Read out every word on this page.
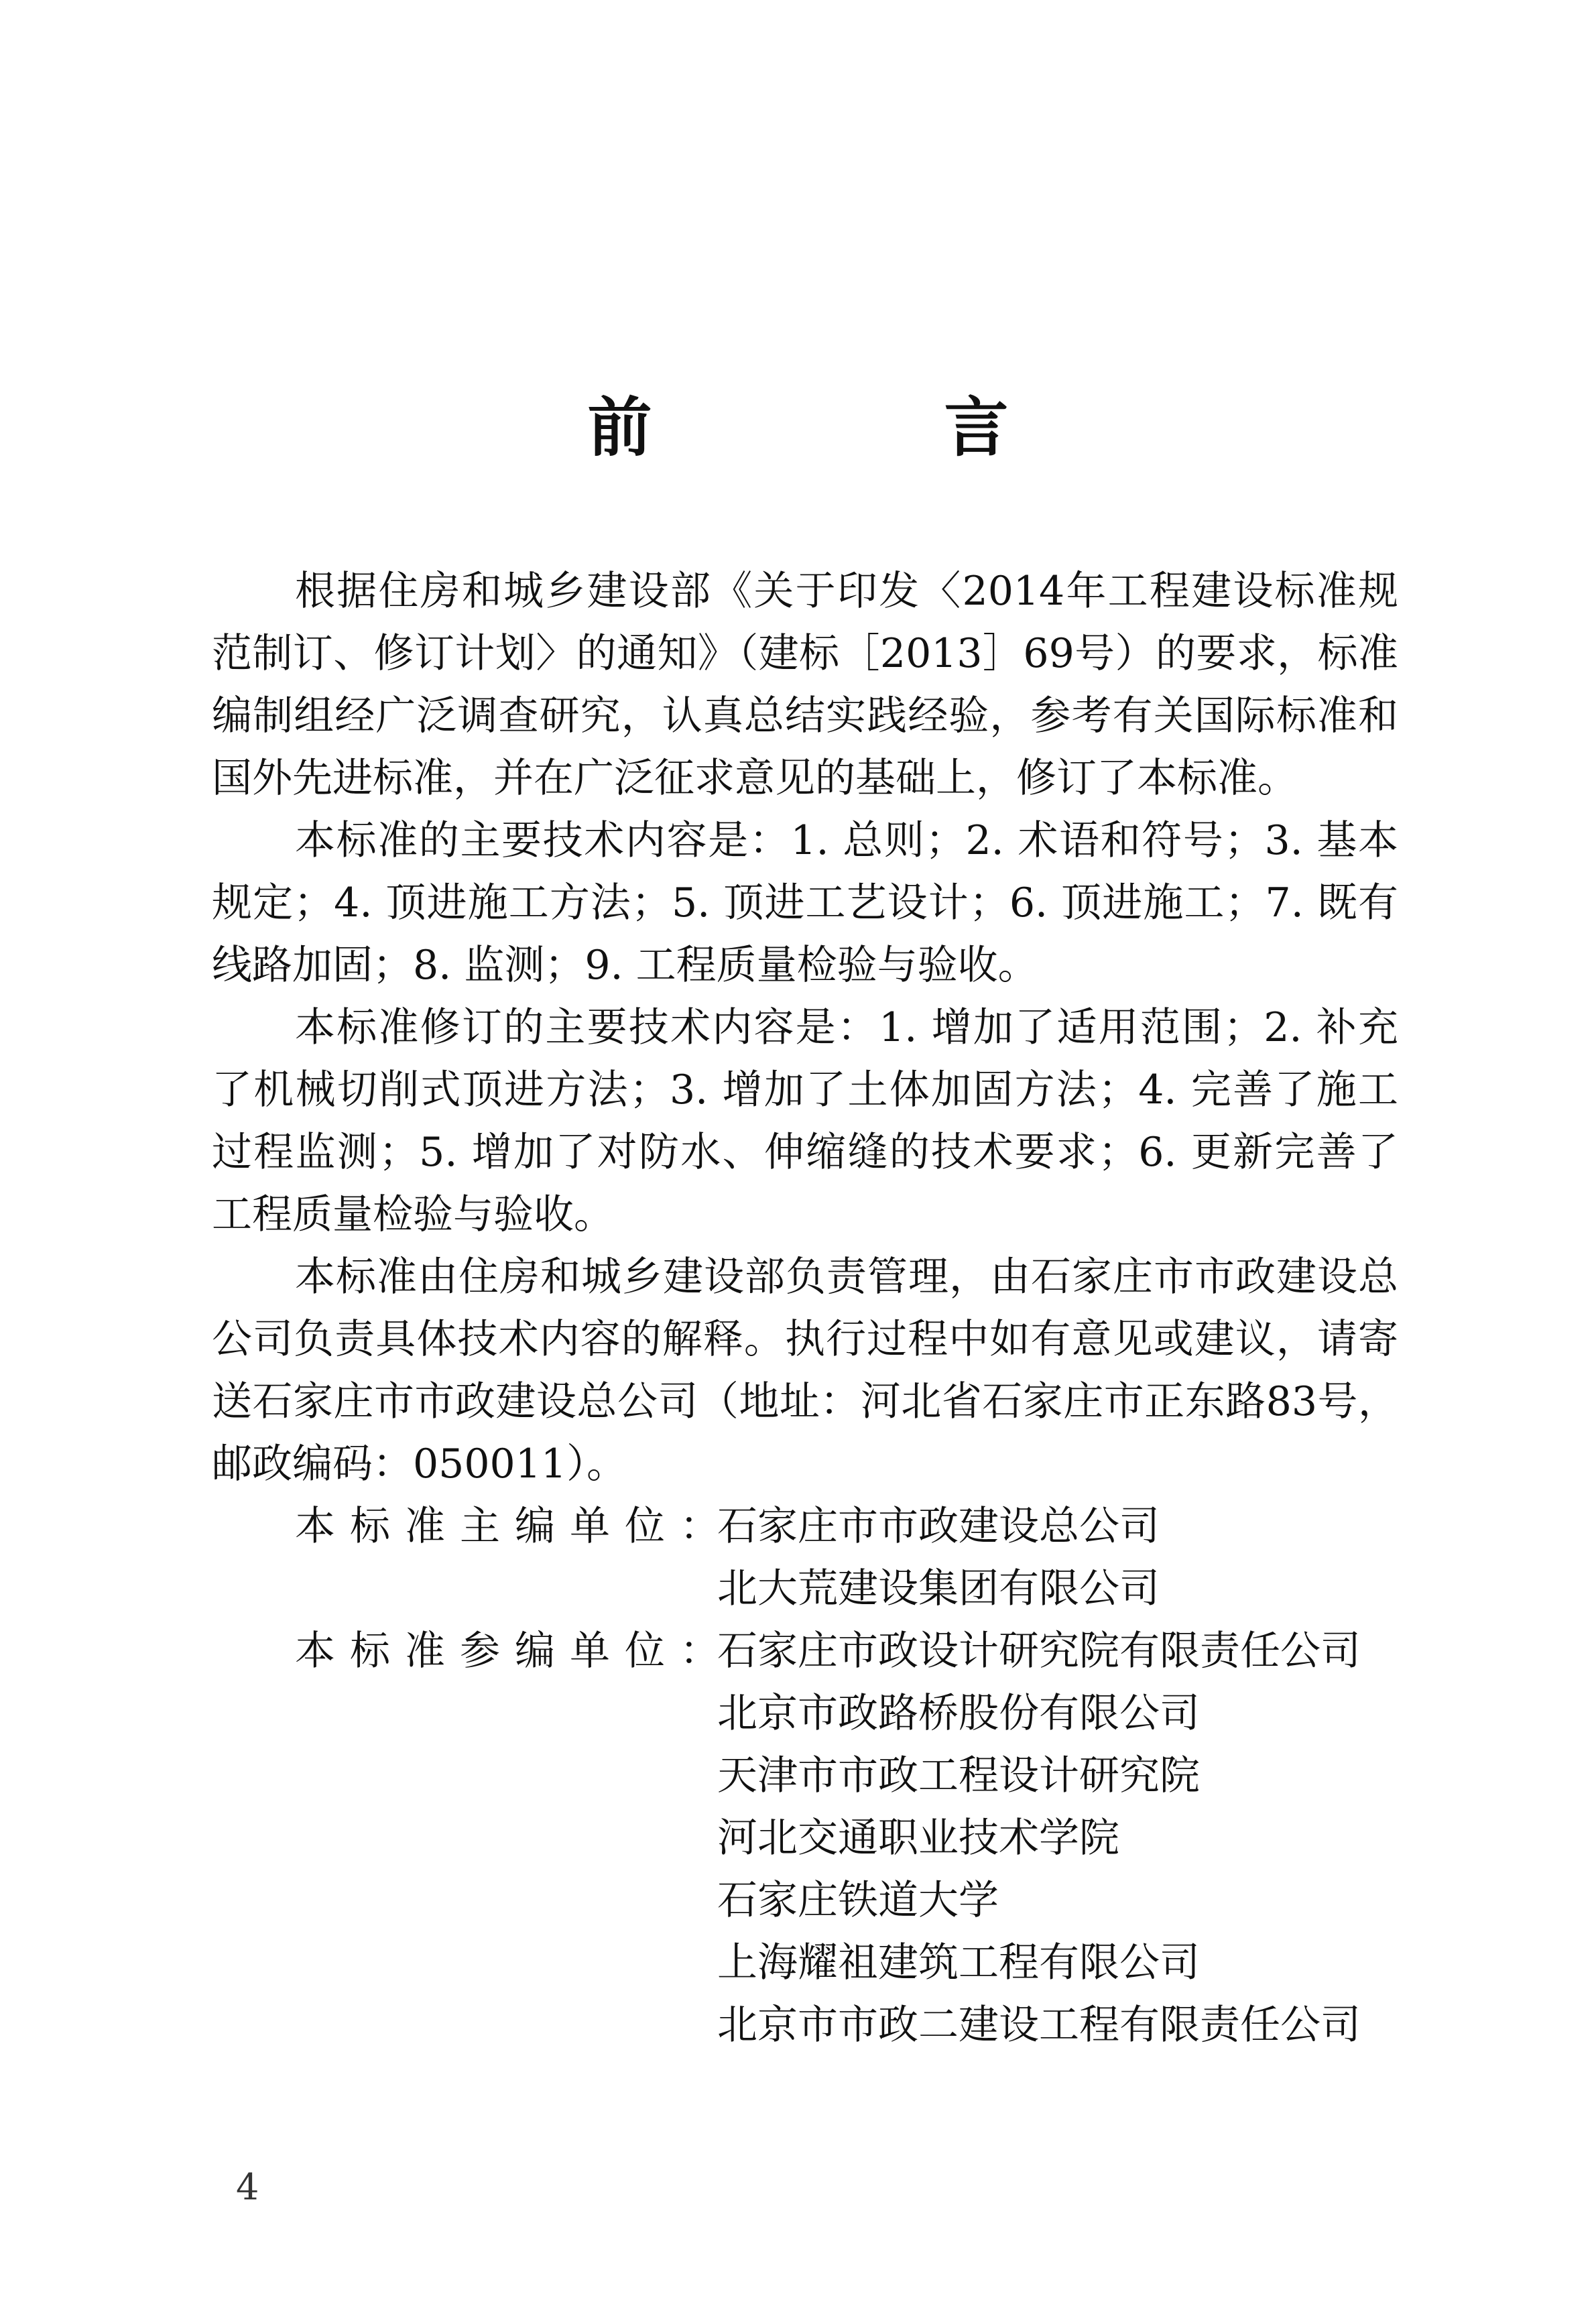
前　言

根据住房和城乡建设部《关于印发〈2014年工程建设标准规范制订、修订计划〉的通知》（建标［2013］69号）的要求，标准编制组经广泛调查研究，认真总结实践经验，参考有关国际标准和国外先进标准，并在广泛征求意见的基础上，修订了本标准。

本标准的主要技术内容是：1. 总则；2. 术语和符号；3. 基本规定；4. 顶进施工方法；5. 顶进工艺设计；6. 顶进施工；7. 既有线路加固；8. 监测；9. 工程质量检验与验收。

本标准修订的主要技术内容是：1. 增加了适用范围；2. 补充了机械切削式顶进方法；3. 增加了土体加固方法；4. 完善了施工过程监测；5. 增加了对防水、伸缩缝的技术要求；6. 更新完善了工程质量检验与验收。

本标准由住房和城乡建设部负责管理，由石家庄市市政建设总公司负责具体技术内容的解释。执行过程中如有意见或建议，请寄送石家庄市市政建设总公司（地址：河北省石家庄市正东路83号，邮政编码：050011）。

本标准主编单位：
石家庄市市政建设总公司
北大荒建设集团有限公司
本标准参编单位：
石家庄市政设计研究院有限责任公司
北京市政路桥股份有限公司
天津市市政工程设计研究院
河北交通职业技术学院
石家庄铁道大学
上海耀祖建筑工程有限公司
北京市市政二建设工程有限责任公司
4
